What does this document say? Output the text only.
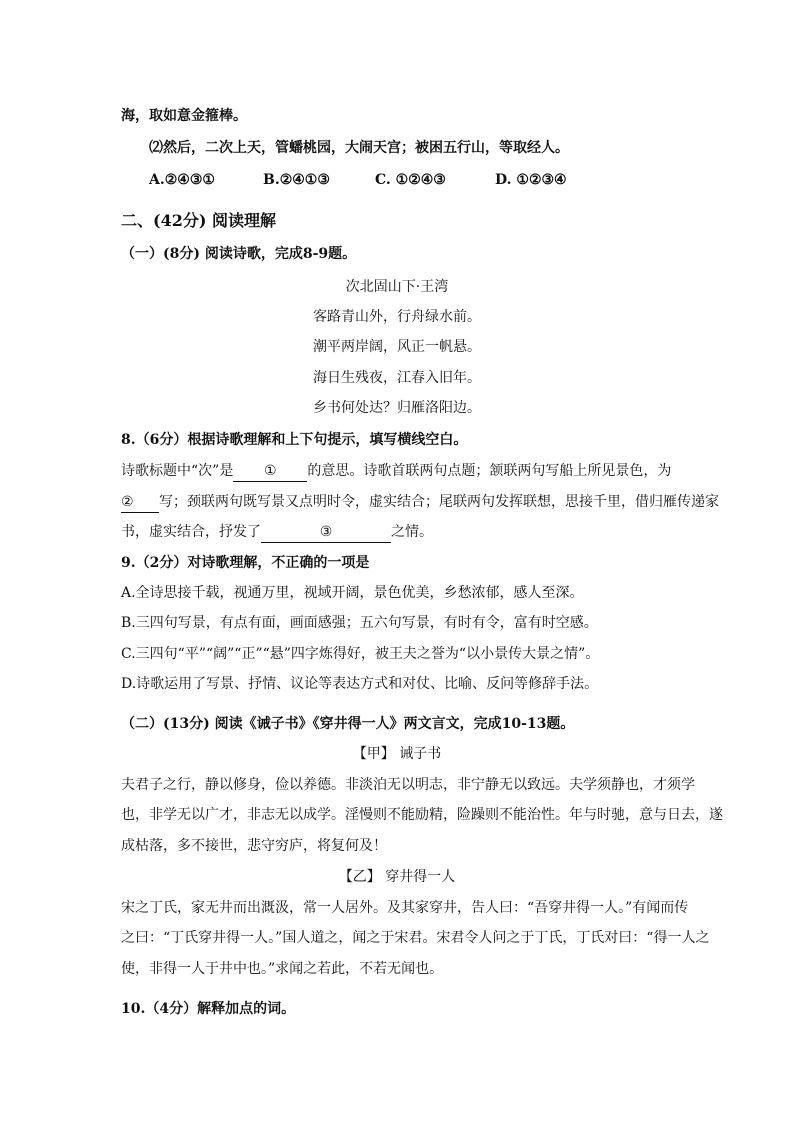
海，取如意金箍棒。
⑵然后，二次上天，管蟠桃园，大闹天宫；被困五行山，等取经人。
A.②④③①	B.②④①③	C. ①②④③	D. ①②③④
二、(42分) 阅读理解
（一）(8分) 阅读诗歌，完成8-9题。
次北固山下·王湾
客路青山外，行舟绿水前。
潮平两岸阔，风正一帆悬。
海日生残夜，江春入旧年。
乡书何处达？归雁洛阳边。
8.（6分）根据诗歌理解和上下句提示，填写横线空白。
诗歌标题中“次”是 ① 的意思。诗歌首联两句点题；颔联两句写船上所见景色，为
② 写；颈联两句既写景又点明时令，虚实结合；尾联两句发挥联想，思接千里，借归雁传递家
书，虚实结合，抒发了	③	之情。
9.（2分）对诗歌理解，不正确的一项是
A.全诗思接千载，视通万里，视域开阔，景色优美，乡愁浓郁，感人至深。
B.三四句写景，有点有面，画面感强；五六句写景，有时有令，富有时空感。
C.三四句“平”“阔”“正”“悬”四字炼得好，被王夫之誉为“以小景传大景之情”。
D.诗歌运用了写景、抒情、议论等表达方式和对仗、比喻、反问等修辞手法。
（二）(13分) 阅读《诫子书》《穿井得一人》两文言文，完成10-13题。
【甲】 诫子书
夫君子之行，静以修身，俭以养德。非淡泊无以明志，非宁静无以致远。夫学须静也，才须学
也，非学无以广才，非志无以成学。淫慢则不能励精，险躁则不能治性。年与时驰，意与日去，遂
成枯落，多不接世，悲守穷庐，将复何及！
【乙】 穿井得一人
宋之丁氏，家无井而出溉汲，常一人居外。及其家穿井，告人曰：“吾穿井得一人。”有闻而传
之曰：“丁氏穿井得一人。”国人道之，闻之于宋君。宋君令人问之于丁氏，丁氏对曰：“得一人之
使，非得一人于井中也。”求闻之若此，不若无闻也。
10.（4分）解释加点的词。
